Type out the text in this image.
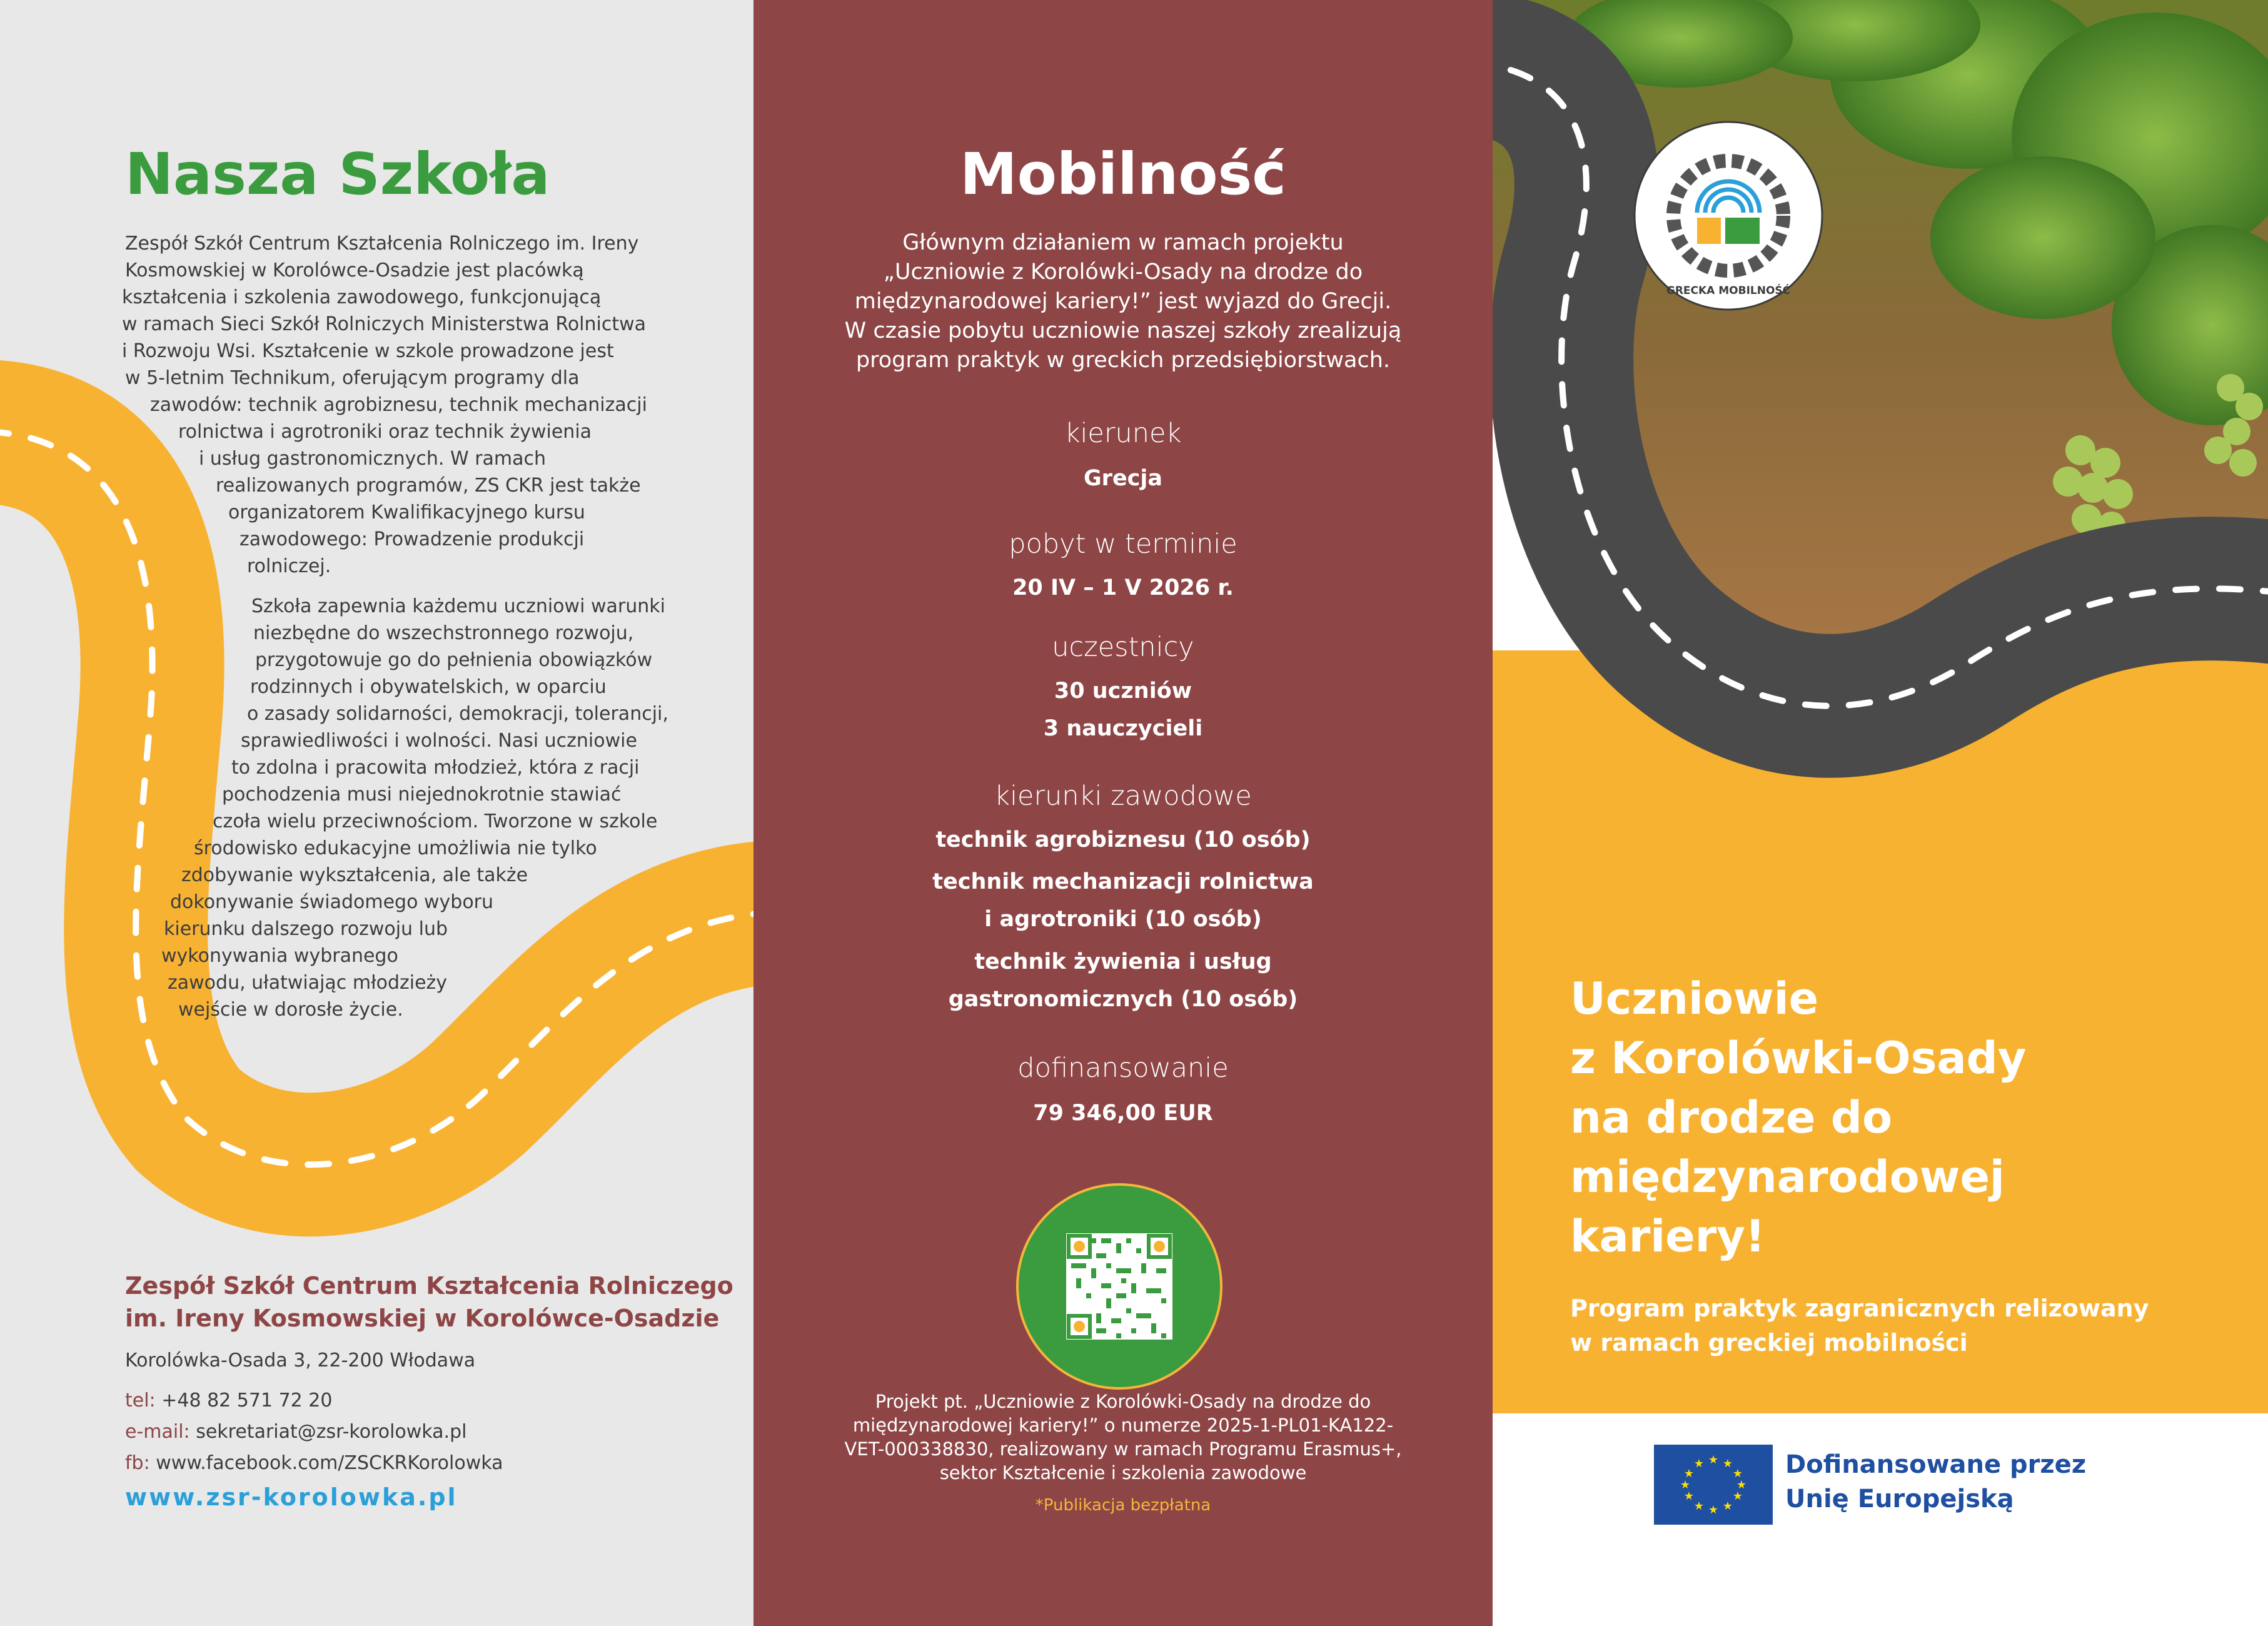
Nasza Szkoła
Zespół Szkół Centrum Kształcenia Rolniczego im. Ireny
Kosmowskiej w Korolówce-Osadzie jest placówką
kształcenia i szkolenia zawodowego, funkcjonującą
w ramach Sieci Szkół Rolniczych Ministerstwa Rolnictwa
i Rozwoju Wsi. Kształcenie w szkole prowadzone jest
w 5-letnim Technikum, oferującym programy dla
zawodów: technik agrobiznesu, technik mechanizacji
rolnictwa i agrotroniki oraz technik żywienia
i usług gastronomicznych. W ramach
realizowanych programów, ZS CKR jest także
organizatorem Kwalifikacyjnego kursu
zawodowego: Prowadzenie produkcji
rolniczej.
Szkoła zapewnia każdemu uczniowi warunki
niezbędne do wszechstronnego rozwoju,
przygotowuje go do pełnienia obowiązków
rodzinnych i obywatelskich, w oparciu
o zasady solidarności, demokracji, tolerancji,
sprawiedliwości i wolności. Nasi uczniowie
to zdolna i pracowita młodzież, która z racji
pochodzenia musi niejednokrotnie stawiać
czoła wielu przeciwnościom. Tworzone w szkole
środowisko edukacyjne umożliwia nie tylko
zdobywanie wykształcenia, ale także
dokonywanie świadomego wyboru
kierunku dalszego rozwoju lub
wykonywania wybranego
zawodu, ułatwiając młodzieży
wejście w dorosłe życie.
Zespół Szkół Centrum Kształcenia Rolniczego
im. Ireny Kosmowskiej w Korolówce-Osadzie
Korolówka-Osada 3, 22-200 Włodawa
tel: +48 82 571 72 20
e-mail: sekretariat@zsr-korolowka.pl
fb: www.facebook.com/ZSCKRKorolowka
www.zsr-korolowka.pl
Mobilność
Głównym działaniem w ramach projektu
„Uczniowie z Korolówki-Osady na drodze do
międzynarodowej kariery!” jest wyjazd do Grecji.
W czasie pobytu uczniowie naszej szkoły zrealizują
program praktyk w greckich przedsiębiorstwach.
kierunek
Grecja
pobyt w terminie
20 IV – 1 V 2026 r.
uczestnicy
30 uczniów
3 nauczycieli
kierunki zawodowe
technik agrobiznesu (10 osób)
technik mechanizacji rolnictwa
i agrotroniki (10 osób)
technik żywienia i usług
gastronomicznych (10 osób)
dofinansowanie
79 346,00 EUR
Projekt pt. „Uczniowie z Korolówki-Osady na drodze do
międzynarodowej kariery!” o numerze 2025-1-PL01-KA122-
VET-000338830, realizowany w ramach Programu Erasmus+,
sektor Kształcenie i szkolenia zawodowe
*Publikacja bezpłatna
GRECKA MOBILNOŚĆ
Uczniowie
z Korolówki-Osady
na drodze do
międzynarodowej
kariery!
Program praktyk zagranicznych relizowany
w ramach greckiej mobilności
★ ★
★
★
★
★
★
★
★
★
★
★	Dofinansowane przez
Unię Europejską
